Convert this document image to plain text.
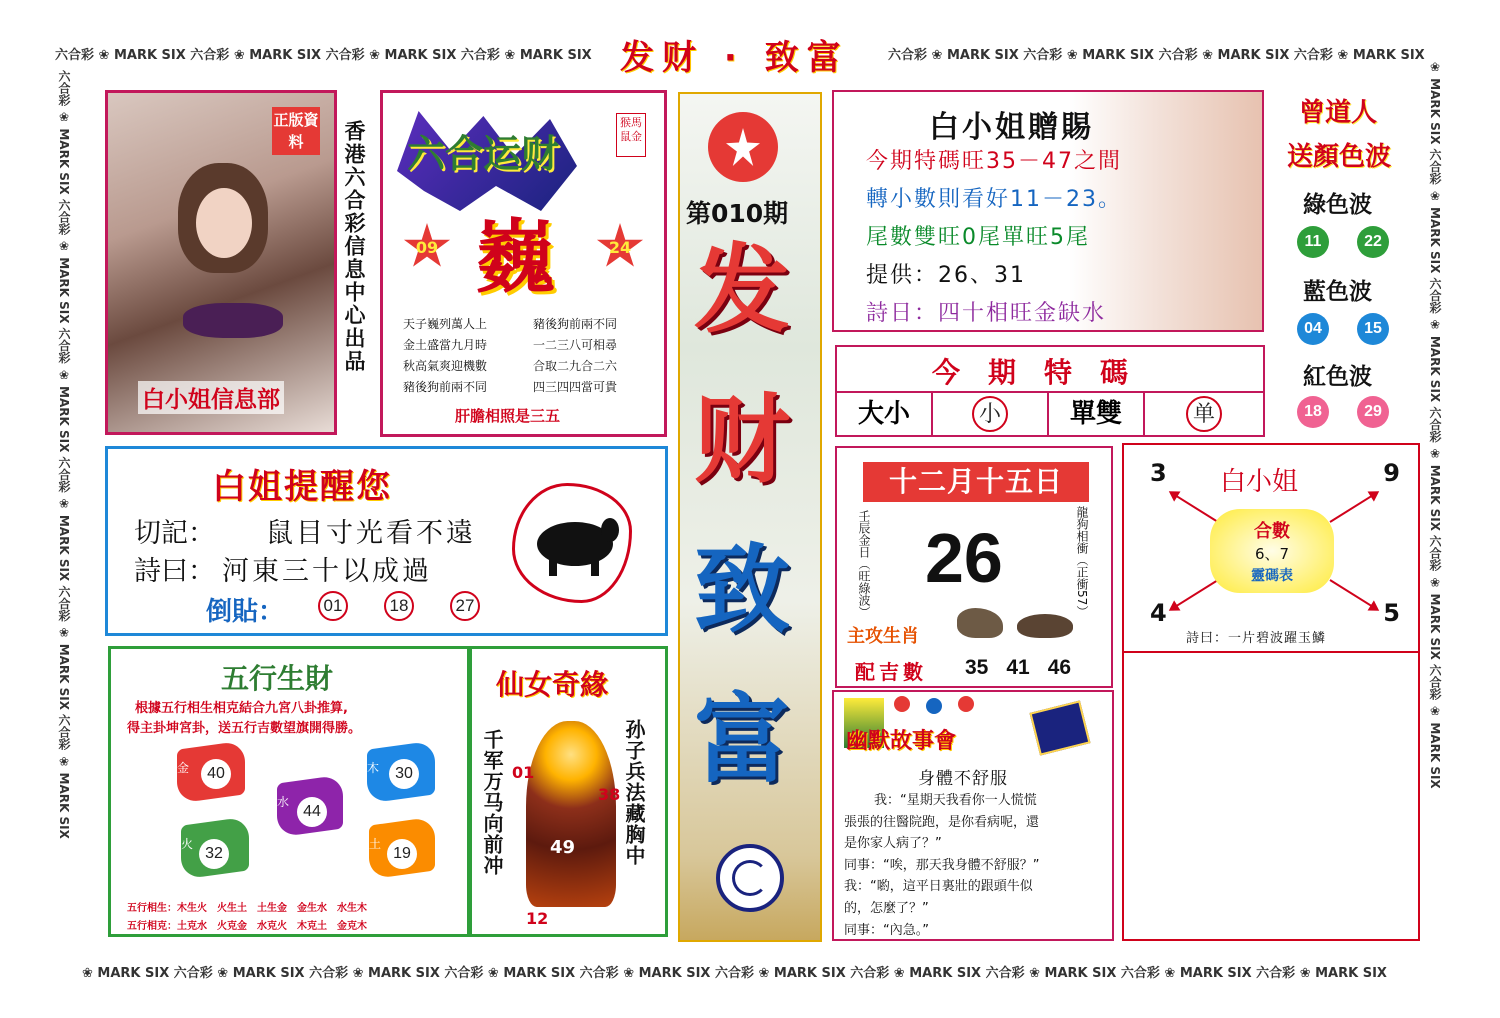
六合彩 ❀ MARK SIX 六合彩 ❀ MARK SIX 六合彩 ❀ MARK SIX 六合彩 ❀ MARK SIX 发财 · 致富	六合彩 ❀ MARK SIX 六合彩 ❀ MARK SIX 六合彩 ❀ MARK SIX 六合彩 ❀ MARK SIX
❀ MARK SIX 六合彩 ❀ MARK SIX 六合彩 ❀ MARK SIX 六合彩 ❀ MARK SIX 六合彩 ❀ MARK SIX 六合彩 ❀ MARK SIX 六合彩 ❀ MARK SIX 六合彩 ❀ MARK SIX 六合彩 ❀ MARK SIX 六合彩 ❀ MARK SIX
六合彩 ❀ MARK SIX 六合彩 ❀ MARK SIX 六合彩 ❀ MARK SIX 六合彩 ❀ MARK SIX 六合彩 ❀ MARK SIX 六合彩 ❀ MARK SIX	❀ MARK SIX 六合彩 ❀ MARK SIX 六合彩 ❀ MARK SIX 六合彩 ❀ MARK SIX 六合彩 ❀ MARK SIX 六合彩 ❀ MARK SIX
正版資料
白小姐信息部
香港六合彩信息中心出品 六合运财
猴馬 鼠金
09	24
巍
天子巍列萬人上	豬後狗前兩不同
金土盛當九月時	一二三八可相尋
秋高氣爽迎機數	合取二九合二六
豬後狗前兩不同	四三四四當可貴
肝膽相照是三五
第010期
发
财
致
富
白小姐贈賜
今期特碼旺35－47之間
轉小數則看好11－23。
尾數雙旺0尾單旺5尾
提供：26、31
詩日：四十相旺金缺水
曾道人
送顏色波
綠色波
11	22
藍色波
04	15
紅色波
18	29
今期特碼
大小	小	單雙	单
白姐提醒您
切記： 鼠目寸光看不遠
詩曰： 河東三十以成過
倒貼：	01	18	27
十二月十五日
壬辰金日（旺綠波）	龍狗相衝（正衝57）
26
主攻生肖
配吉數 35 41 46
3	9
4	5
白小姐
合數
6、7
靈碼表
詩曰：一片碧波躍玉鱗
五行生財
根據五行相生相克結合九宮八卦推算,
得主卦坤宮卦，送五行吉數望旗開得勝。
金	40
水
44
木	30
火
32
土
19
五行相生：木生火　火生土　土生金　金生水　水生木
五行相克：土克水　火克金　水克火　木克土　金克木
仙女奇緣
千军万马向前冲	孙子兵法藏胸中
01
38
49
12
幽默故事會
身體不舒服
我：“星期天我看你一人慌慌
張張的往醫院跑，是你看病呢，還
是你家人病了？”
同事：“唉，那天我身體不舒服？”
我：“喲，這平日裏壯的跟頭牛似
的，怎麼了？”
同事：“內急。”
